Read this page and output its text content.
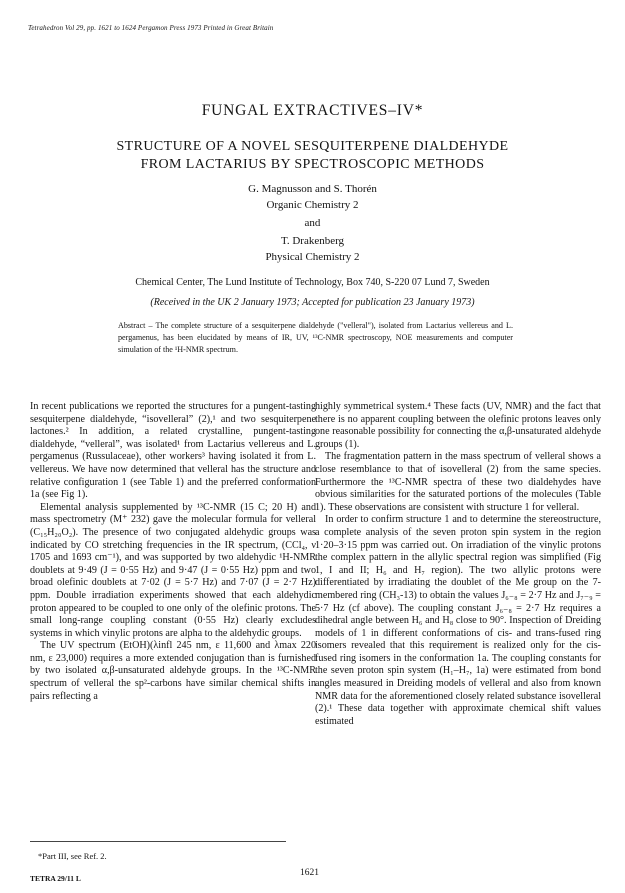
Tetrahedron Vol 29, pp. 1621 to 1624 Pergamon Press 1973 Printed in Great Britain
FUNGAL EXTRACTIVES–IV*
STRUCTURE OF A NOVEL SESQUITERPENE DIALDEHYDE
FROM LACTARIUS BY SPECTROSCOPIC METHODS
G. Magnusson and S. Thorén
Organic Chemistry 2
and
T. Drakenberg
Physical Chemistry 2
Chemical Center, The Lund Institute of Technology, Box 740, S-220 07 Lund 7, Sweden
(Received in the UK 2 January 1973; Accepted for publication 23 January 1973)
Abstract – The complete structure of a sesquiterpene dialdehyde ("velleral"), isolated from Lactarius vellereus and L. pergamenus, has been elucidated by means of IR, UV, ¹³C-NMR spectroscopy, NOE measurements and computer simulation of the ¹H-NMR spectrum.

In recent publications we reported the structures for a pungent-tasting sesquiterpene dialdehyde, “isovelleral” (2),¹ and two sesquiterpene lactones.² In addition, a related crystalline, pungent-tasting dialdehyde, “velleral”, was isolated¹ from Lactarius vellereus and L. pergamenus (Russulaceae), other workers³ having isolated it from L. vellereus. We have now determined that velleral has the structure and relative configuration 1 (see Table 1) and the preferred conformation 1a (see Fig 1).

Elemental analysis supplemented by ¹³C-NMR (15 C; 20 H) and mass spectrometry (M⁺ 232) gave the molecular formula for velleral (C₁₅H₂₀O₂). The presence of two conjugated aldehydic groups was indicated by CO stretching frequencies in the IR spectrum, (CCl₄, ν 1705 and 1693 cm⁻¹), and was supported by two aldehydic ¹H-NMR doublets at 9·49 (J = 0·55 Hz) and 9·47 (J = 0·55 Hz) ppm and two broad olefinic doublets at 7·02 (J = 5·7 Hz) and 7·07 (J = 2·7 Hz) ppm. Double irradiation experiments showed that each aldehydic proton appeared to be coupled to one only of the olefinic protons. The small long-range coupling constant (0·55 Hz) clearly excludes systems in which vinylic protons are alpha to the aldehydic groups.

The UV spectrum (EtOH)(λinfl 245 nm, ε 11,600 and λmax 220 nm, ε 23,000) requires a more extended conjugation than is furnished by two isolated α,β-unsaturated aldehyde groups. In the ¹³C-NMR spectrum of velleral the sp²-carbons have similar chemical shifts in pairs reflecting a

highly symmetrical system.⁴ These facts (UV, NMR) and the fact that there is no apparent coupling between the olefinic protons leaves only one reasonable possibility for connecting the α,β-unsaturated aldehyde groups (1).

The fragmentation pattern in the mass spectrum of velleral shows a close resemblance to that of isovelleral (2) from the same species. Furthermore the ¹³C-NMR spectra of these two dialdehydes have obvious similarities for the saturated portions of the molecules (Table 1). These observations are consistent with structure 1 for velleral.

In order to confirm structure 1 and to determine the stereostructure, a complete analysis of the seven proton spin system in the region 1·20–3·15 ppm was carried out. On irradiation of the vinylic protons the complex pattern in the allylic spectral region was simplified (Fig 1, I and II; H₆ and H₇ region). The two allylic protons were differentiated by irradiating the doublet of the Me group on the 7-membered ring (CH₃-13) to obtain the values J₆₋₈ = 2·7 Hz and J₇₋₉ = 5·7 Hz (cf above). The coupling constant J₆₋₈ = 2·7 Hz requires a dihedral angle between H₆ and H₈ close to 90°. Inspection of Dreiding models of 1 in different conformations of cis- and trans-fused ring isomers revealed that this requirement is realized only for the cis-fused ring isomers in the conformation 1a. The coupling constants for the seven proton spin system (H₁–H₇, 1a) were estimated from bond angles measured in Dreiding models of velleral and also from known NMR data for the aforementioned closely related substance isovelleral (2).¹ These data together with approximate chemical shift values estimated

*Part III, see Ref. 2.
TETRA 29/11 L
1621
